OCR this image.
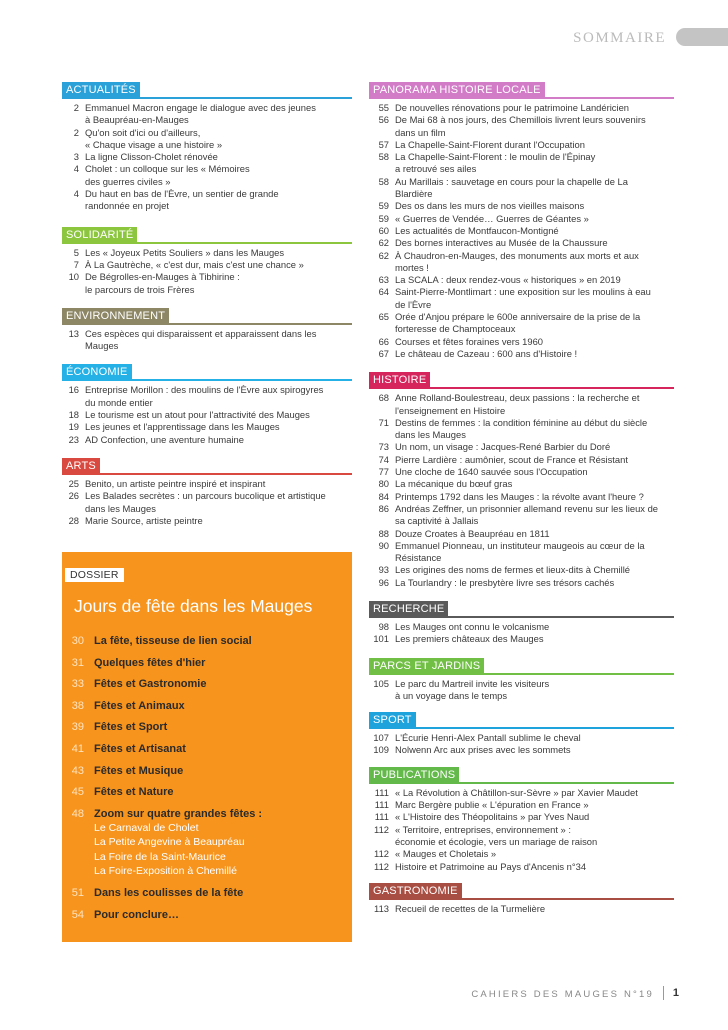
SOMMAIRE
ACTUALITÉS
2 Emmanuel Macron engage le dialogue avec des jeunes
à Beaupréau-en-Mauges
2 Qu'on soit d'ici ou d'ailleurs,
« Chaque visage a une histoire »
3 La ligne Clisson-Cholet rénovée
4 Cholet : un colloque sur les « Mémoires
des guerres civiles »
4 Du haut en bas de l'Èvre, un sentier de grande
randonnée en projet
SOLIDARITÉ
5 Les « Joyeux Petits Souliers » dans les Mauges
7 À La Gautrèche, « c'est dur, mais c'est une chance »
10 De Bégrolles-en-Mauges à Tibhirine :
le parcours de trois Frères
ENVIRONNEMENT
13 Ces espèces qui disparaissent et apparaissent dans les Mauges
ÉCONOMIE
16 Entreprise Morillon : des moulins de l'Èvre aux spirogyres
du monde entier
18 Le tourisme est un atout pour l'attractivité des Mauges
19 Les jeunes et l'apprentissage dans les Mauges
23 AD Confection, une aventure humaine
ARTS
25 Benito, un artiste peintre inspiré et inspirant
26 Les Balades secrètes : un parcours bucolique et artistique
dans les Mauges
28 Marie Source, artiste peintre
DOSSIER
Jours de fête dans les Mauges
30 La fête, tisseuse de lien social
31 Quelques fêtes d'hier
33 Fêtes et Gastronomie
38 Fêtes et Animaux
39 Fêtes et Sport
41 Fêtes et Artisanat
43 Fêtes et Musique
45 Fêtes et Nature
48 Zoom sur quatre grandes fêtes :
Le Carnaval de Cholet
La Petite Angevine à Beaupréau
La Foire de la Saint-Maurice
La Foire-Exposition à Chemillé
51 Dans les coulisses de la fête
54 Pour conclure…
PANORAMA HISTOIRE LOCALE
55 De nouvelles rénovations pour le patrimoine Landéricien
56 De Mai 68 à nos jours, des Chemillois livrent leurs souvenirs
dans un film
57 La Chapelle-Saint-Florent durant l'Occupation
58 La Chapelle-Saint-Florent : le moulin de l'Épinay
a retrouvé ses ailes
58 Au Marillais : sauvetage en cours pour la chapelle de La
Blardière
59 Des os dans les murs de nos vieilles maisons
59 « Guerres de Vendée… Guerres de Géantes »
60 Les actualités de Montfaucon-Montigné
62 Des bornes interactives au Musée de la Chaussure
62 À Chaudron-en-Mauges, des monuments aux morts et aux
mortes !
63 La SCALA : deux rendez-vous « historiques » en 2019
64 Saint-Pierre-Montlimart : une exposition sur les moulins à eau
de l'Èvre
65 Orée d'Anjou prépare le 600e anniversaire de la prise de la
forteresse de Champtoceaux
66 Courses et fêtes foraines vers 1960
67 Le château de Cazeau : 600 ans d'Histoire !
HISTOIRE
68 Anne Rolland-Boulestreau, deux passions : la recherche et
l'enseignement en Histoire
71 Destins de femmes : la condition féminine au début du siècle
dans les Mauges
73 Un nom, un visage : Jacques-René Barbier du Doré
74 Pierre Lardière : aumônier, scout de France et Résistant
77 Une cloche de 1640 sauvée sous l'Occupation
80 La mécanique du bœuf gras
84 Printemps 1792 dans les Mauges : la révolte avant l'heure ?
86 Andréas Zeffner, un prisonnier allemand revenu sur les lieux de
sa captivité à Jallais
88 Douze Croates à Beaupréau en 1811
90 Emmanuel Pionneau, un instituteur maugeois au cœur de la
Résistance
93 Les origines des noms de fermes et lieux-dits à Chemillé
96 La Tourlandry : le presbytère livre ses trésors cachés
RECHERCHE
98 Les Mauges ont connu le volcanisme
101 Les premiers châteaux des Mauges
PARCS ET JARDINS
105 Le parc du Martreil invite les visiteurs
à un voyage dans le temps
SPORT
107 L'Écurie Henri-Alex Pantall sublime le cheval
109 Nolwenn Arc aux prises avec les sommets
PUBLICATIONS
111 « La Révolution à Châtillon-sur-Sèvre » par Xavier Maudet
111 Marc Bergère publie « L'épuration en France »
111 « L'Histoire des Théopolitains » par Yves Naud
112 « Territoire, entreprises, environnement » :
économie et écologie, vers un mariage de raison
112 « Mauges et Choletais »
112 Histoire et Patrimoine au Pays d'Ancenis n°34
GASTRONOMIE
113 Recueil de recettes de la Turmelière
CAHIERS DES MAUGES N°19 1
